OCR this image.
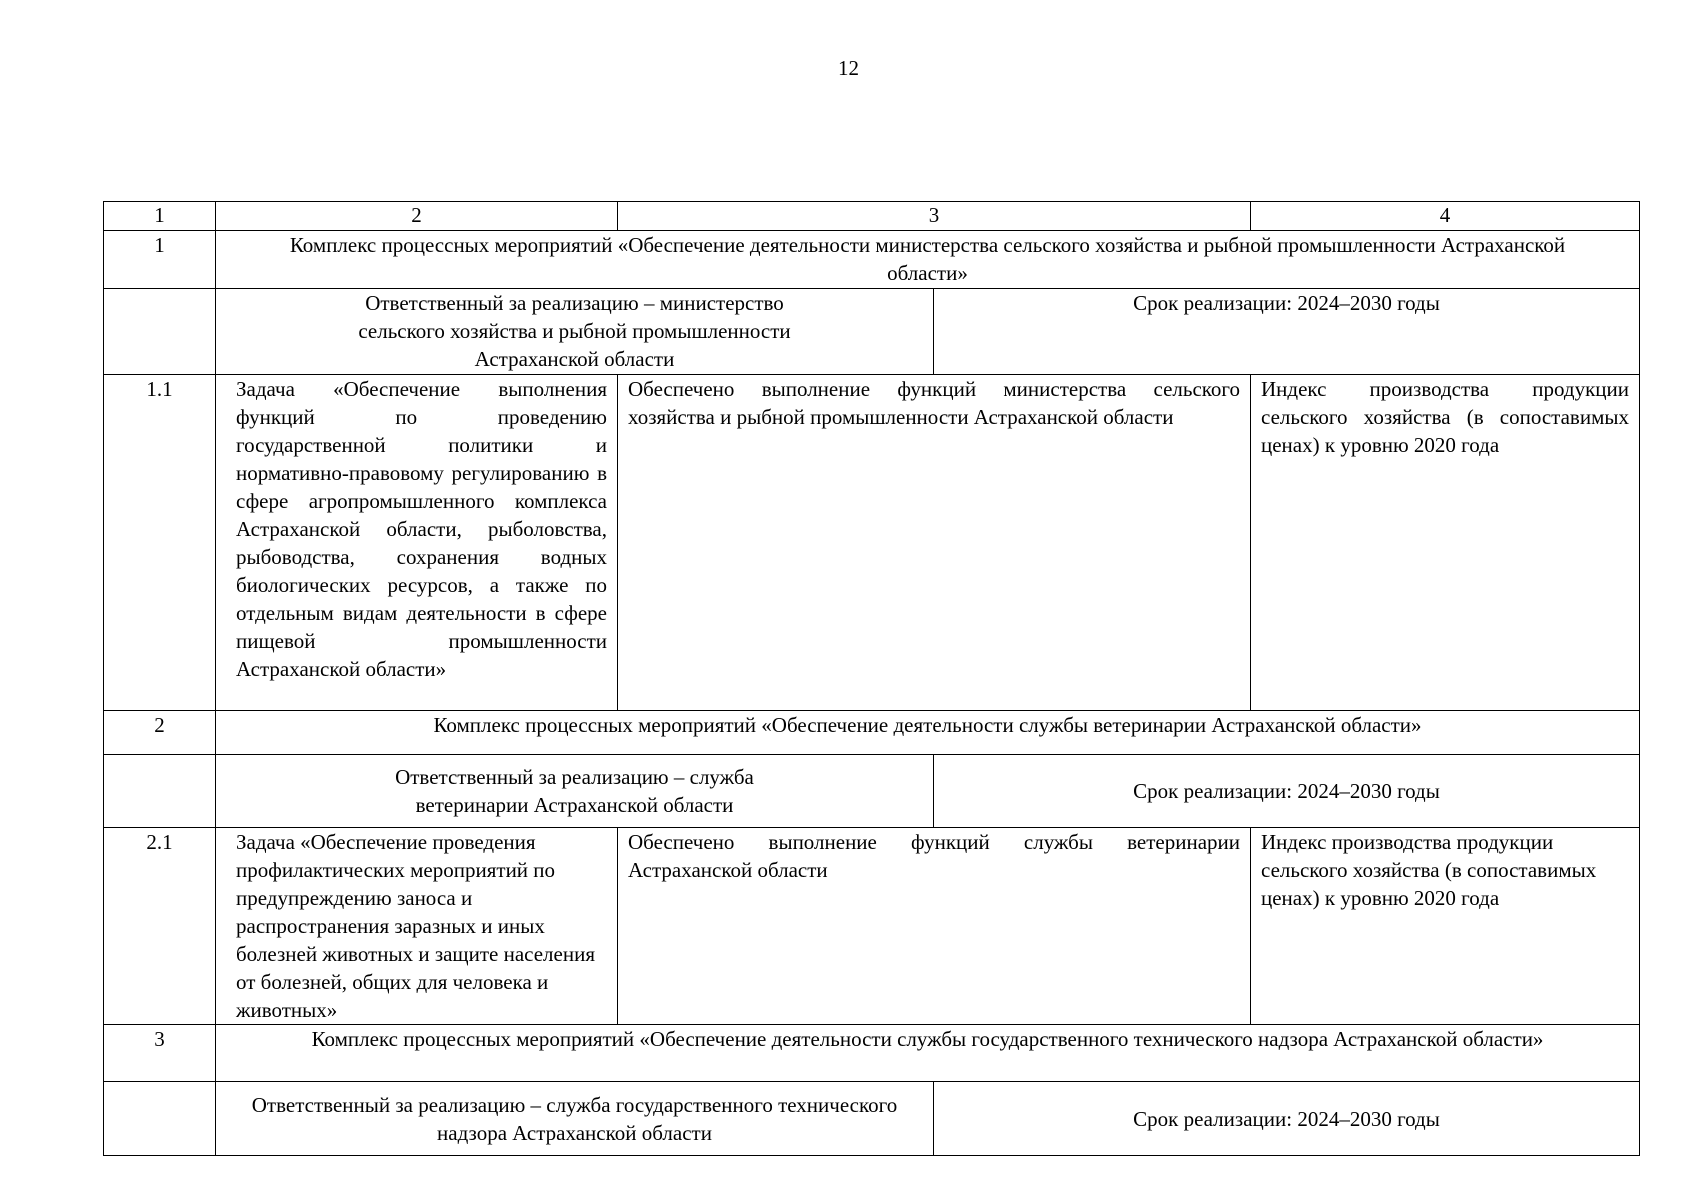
12
1	2	3		4
1	Комплекс процессных мероприятий «Обеспечение деятельности министерства сельского хозяйства и рыбной промышленности Астраханской области»			
	Ответственный за реализацию – министерство сельского хозяйства и рыбной промышленности Астраханской области		Срок реализации: 2024–2030 годы	
1.1	Задача «Обеспечение выполнения функций по проведению государственной политики и нормативно-правовому регулированию в сфере агропромышленного комплекса Астраханской области, рыболовства, рыбоводства, сохранения водных биологических ресурсов, а также по отдельным видам деятельности в сфере пищевой промышленности Астраханской области»	Обеспечено выполнение функций министерства сельского хозяйства и рыбной промышленности Астраханской области		Индекс производства продукции сельского хозяйства (в сопоставимых ценах) к уровню 2020 года
2	Комплекс процессных мероприятий «Обеспечение деятельности службы ветеринарии Астраханской области»			
	Ответственный за реализацию – служба ветеринарии Астраханской области		Срок реализации: 2024–2030 годы	
2.1	Задача «Обеспечение проведения профилактических мероприятий по предупреждению заноса и распространения заразных и иных болезней животных и защите населения от болезней, общих для человека и животных»	Обеспечено выполнение функций службы ветеринарии Астраханской области		Индекс производства продукции сельского хозяйства (в сопоставимых ценах) к уровню 2020 года
3	Комплекс процессных мероприятий «Обеспечение деятельности службы государственного технического надзора Астраханской области»			
	Ответственный за реализацию – служба государственного технического надзора Астраханской области		Срок реализации: 2024–2030 годы	
